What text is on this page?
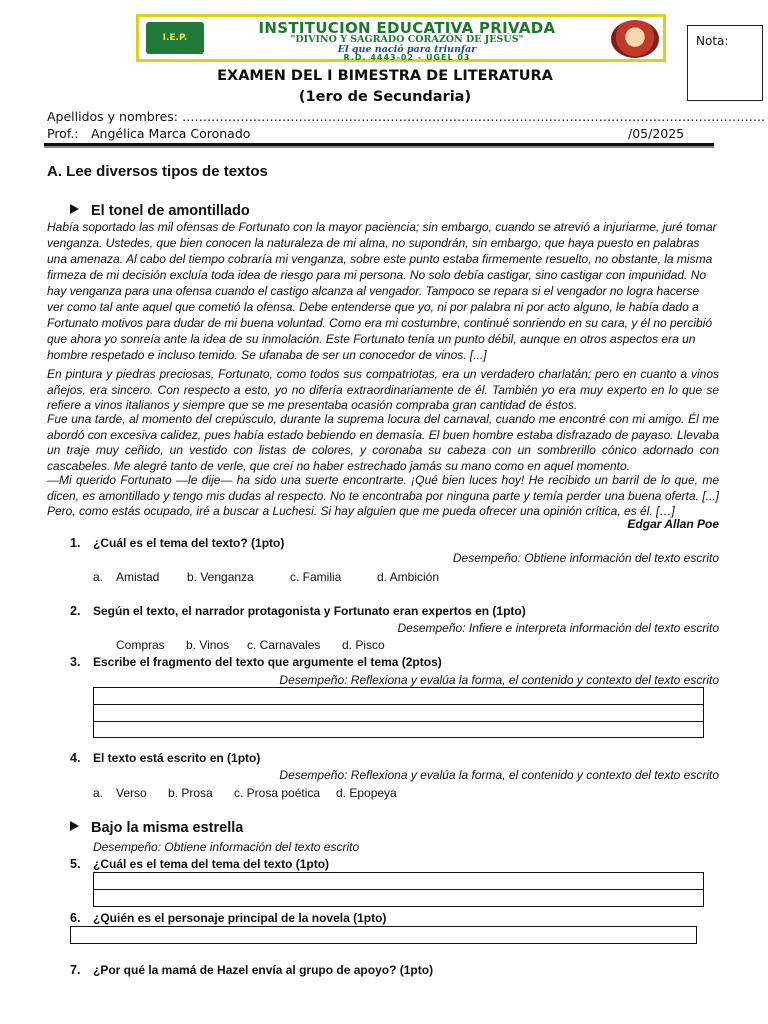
I.E.P.
INSTITUCION EDUCATIVA PRIVADA
"DIVINO Y SAGRADO CORAZÓN DE JESÚS"
El que nació para triunfar
R.D. 4443-02 - UGEL 03
Nota:
EXAMEN DEL I BIMESTRA DE LITERATURA
(1ero de Secundaria)
Apellidos y nombres: …………………………………………………………………………………………………………………………..
Prof.: Angélica Marca Coronado	/05/2025
A. Lee diversos tipos de textos
El tonel de amontillado
Había soportado las mil ofensas de Fortunato con la mayor paciencia; sin embargo, cuando se atrevió a injuriarme, juré tomar venganza. Ustedes, que bien conocen la naturaleza de mi alma, no supondrán, sin embargo, que haya puesto en palabras una amenaza. Al cabo del tiempo cobraría mi venganza, sobre este punto estaba firmemente resuelto, no obstante, la misma firmeza de mi decisión excluía toda idea de riesgo para mi persona. No solo debía castigar, sino castigar con impunidad. No hay venganza para una ofensa cuando el castigo alcanza al vengador. Tampoco se repara si el vengador no logra hacerse ver como tal ante aquel que cometió la ofensa. Debe entenderse que yo, ni por palabra ni por acto alguno, le había dado a Fortunato motivos para dudar de mi buena voluntad. Como era mi costumbre, continué sonriendo en su cara, y él no percibió que ahora yo sonreía ante la idea de su inmolación. Este Fortunato tenía un punto débil, aunque en otros aspectos era un hombre respetado e incluso temido. Se ufanaba de ser un conocedor de vinos. [...]
En pintura y piedras preciosas, Fortunato, como todos sus compatriotas, era un verdadero charlatán; pero en cuanto a vinos añejos, era sincero. Con respecto a esto, yo no difería extraordinariamente de él. También yo era muy experto en lo que se refiere a vinos italianos y siempre que se me presentaba ocasión compraba gran cantidad de éstos.
Fue una tarde, al momento del crepúsculo, durante la suprema locura del carnaval, cuando me encontré con mi amigo. Él me abordó con excesiva calidez, pues había estado bebiendo en demasía. El buen hombre estaba disfrazado de payaso. Llevaba un traje muy ceñido, un vestido con listas de colores, y coronaba su cabeza con un sombrerillo cónico adornado con cascabeles. Me alegré tanto de verle, que creí no haber estrechado jamás su mano como en aquel momento.
—Mi querido Fortunato —le dije— ha sido una suerte encontrarte. ¡Qué bien luces hoy! He recibido un barril de lo que, me dicen, es amontillado y tengo mis dudas al respecto. No te encontraba por ninguna parte y temía perder una buena oferta. [...] Pero, como estás ocupado, iré a buscar a Luchesi. Si hay alguien que me pueda ofrecer una opinión crítica, es él. […]
Edgar Allan Poe
1. ¿Cuál es el tema del texto? (1pto)
Desempeño: Obtiene información del texto escrito
a. Amistad b. Venganza	c. Familia	d. Ambición
2. Según el texto, el narrador protagonista y Fortunato eran expertos en (1pto)
Desempeño: Infiere e interpreta información del texto escrito
Compras b. Vinos c. Carnavales d. Pisco
3. Escribe el fragmento del texto que argumente el tema (2ptos)
Desempeño: Reflexiona y evalúa la forma, el contenido y contexto del texto escrito
4. El texto está escrito en (1pto)
Desempeño: Reflexiona y evalúa la forma, el contenido y contexto del texto escrito
a. Verso b. Prosa c. Prosa poética d. Epopeya
Bajo la misma estrella
Desempeño: Obtiene información del texto escrito
5. ¿Cuál es el tema del tema del texto (1pto)
6. ¿Quién es el personaje principal de la novela (1pto)
7. ¿Por qué la mamá de Hazel envía al grupo de apoyo? (1pto)
